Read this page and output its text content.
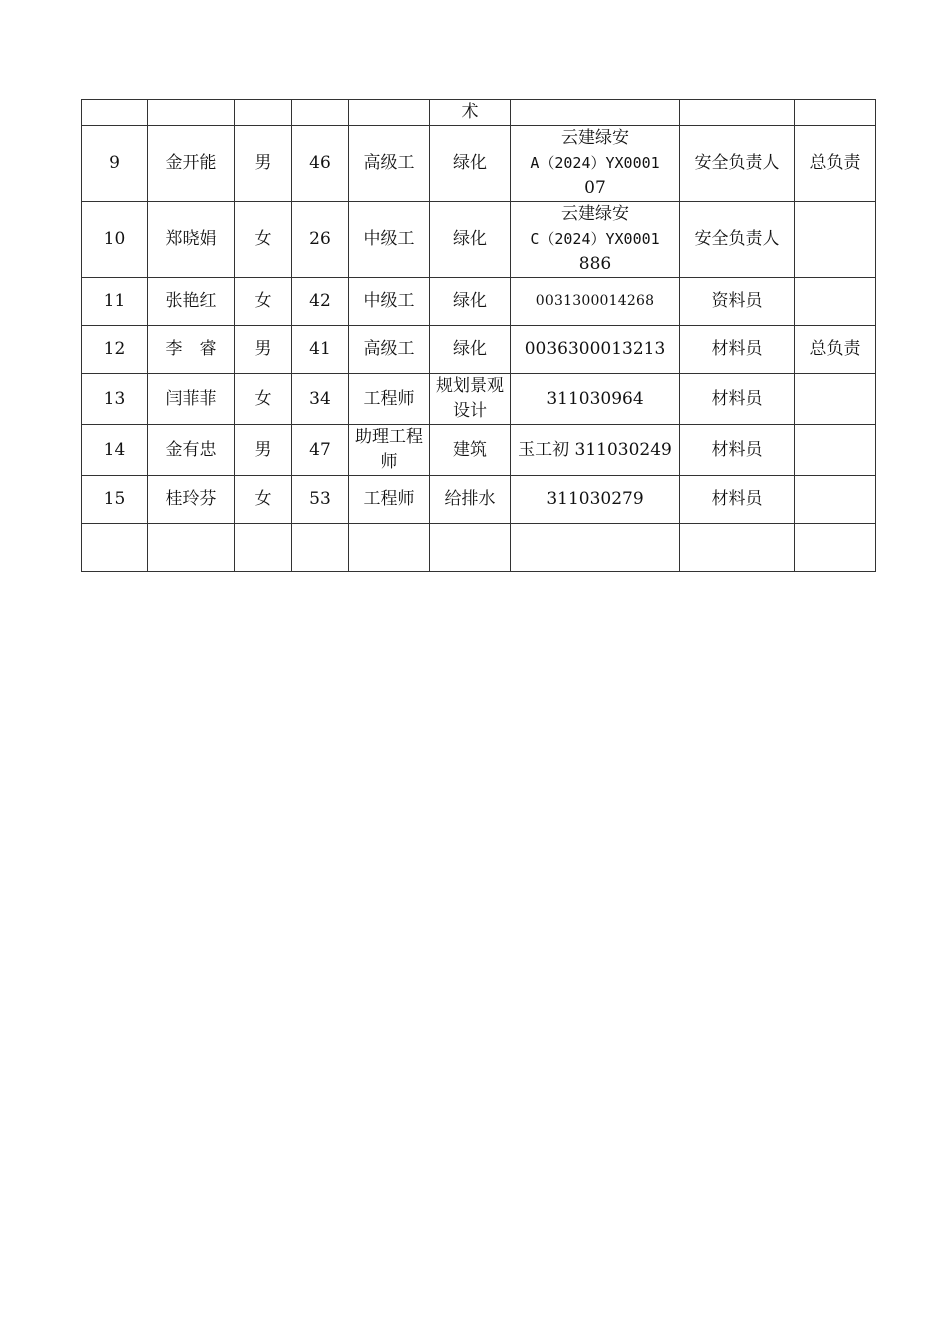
					术			
9	金开能	男	46	高级工	绿化	云建绿安
A（2024）YX0001
07	安全负责人	总负责
10	郑晓娟	女	26	中级工	绿化	云建绿安
C（2024）YX0001
886	安全负责人	
11	张艳红	女	42	中级工	绿化	0031300014268	资料员	
12	李　睿	男	41	高级工	绿化	0036300013213	材料员	总负责
13	闫菲菲	女	34	工程师	规划景观设计	311030964	材料员	
14	金有忠	男	47	助理工程师	建筑	玉工初 311030249	材料员	
15	桂玲芬	女	53	工程师	给排水	311030279	材料员	
